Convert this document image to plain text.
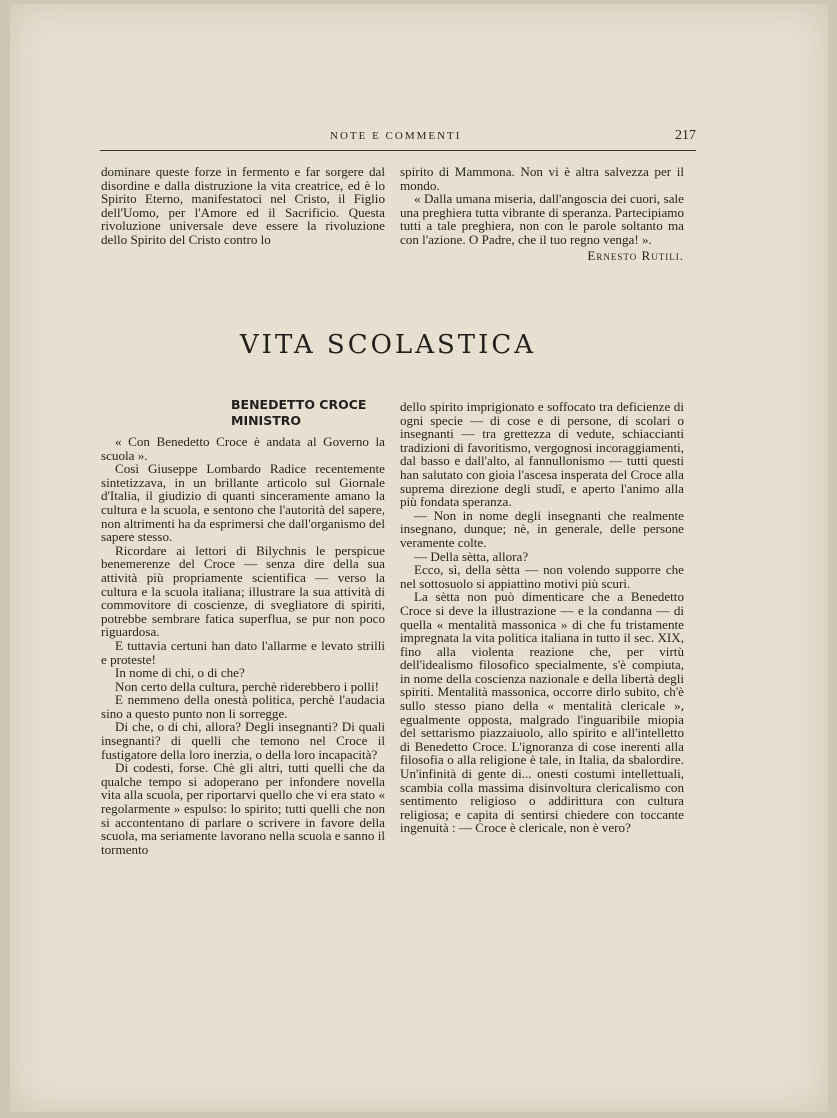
NOTE E COMMENTI	217

dominare queste forze in fermento e far sorgere dal disordine e dalla distruzione la vita creatrice, ed è lo Spirito Eterno, manifestatoci nel Cristo, il Figlio dell'Uomo, per l'Amore ed il Sacrificio. Questa rivoluzione universale deve essere la rivoluzione dello Spirito del Cristo contro lo

spirito di Mammona. Non vi è altra salvezza per il mondo.

« Dalla umana miseria, dall'angoscia dei cuori, sale una preghiera tutta vibrante di speranza. Partecipiamo tutti a tale preghiera, non con le parole soltanto ma con l'azione. O Padre, che il tuo regno venga! ».

Ernesto Rutili.

VITA SCOLASTICA
BENEDETTO CROCE
MINISTRO

« Con Benedetto Croce è andata al Governo la scuola ».

Così Giuseppe Lombardo Radice recentemente sintetizzava, in un brillante articolo sul Giornale d'Italia, il giudizio di quanti sinceramente amano la cultura e la scuola, e sentono che l'autorità del sapere, non altrimenti ha da esprimersi che dall'organismo del sapere stesso.

Ricordare ai lettori di Bilychnis le perspicue benemerenze del Croce — senza dire della sua attività più propriamente scientifica — verso la cultura e la scuola italiana; illustrare la sua attività di commovitore di coscienze, di svegliatore di spiriti, potrebbe sembrare fatica superflua, se pur non poco riguardosa.

E tuttavia certuni han dato l'allarme e levato strilli e proteste!

In nome di chi, o di che?

Non certo della cultura, perchè riderebbero i polli!

E nemmeno della onestà politica, perchè l'audacia sino a questo punto non li sorregge.

Di che, o di chi, allora? Degli insegnanti? Di quali insegnanti? di quelli che temono nel Croce il fustigatore della loro inerzia, o della loro incapacità?

Di codesti, forse. Chè gli altri, tutti quelli che da qualche tempo si adoperano per infondere novella vita alla scuola, per riportarvi quello che vi era stato « regolarmente » espulso: lo spirito; tutti quelli che non si accontentano di parlare o scrivere in favore della scuola, ma seriamente lavorano nella scuola e sanno il tormento

dello spirito imprigionato e soffocato tra deficienze di ogni specie — di cose e di persone, di scolari o insegnanti — tra grettezza di vedute, schiaccianti tradizioni di favoritismo, vergognosi incoraggiamenti, dal basso e dall'alto, al fannullonismo — tutti questi han salutato con gioia l'ascesa insperata del Croce alla suprema direzione degli studî, e aperto l'animo alla più fondata speranza.

— Non in nome degli insegnanti che realmente insegnano, dunque; nè, in generale, delle persone veramente colte.

— Della sètta, allora?

Ecco, sì, della sètta — non volendo supporre che nel sottosuolo si appiattino motivi più scuri.

La sètta non può dimenticare che a Benedetto Croce si deve la illustrazione — e la condanna — di quella « mentalità massonica » di che fu tristamente impregnata la vita politica italiana in tutto il sec. XIX, fino alla violenta reazione che, per virtù dell'idealismo filosofico specialmente, s'è compiuta, in nome della coscienza nazionale e della libertà degli spiriti. Mentalità massonica, occorre dirlo subito, ch'è sullo stesso piano della « mentalità clericale », egualmente opposta, malgrado l'inguaribile miopia del settarismo piazzaiuolo, allo spirito e all'intelletto di Benedetto Croce. L'ignoranza di cose inerenti alla filosofia o alla religione è tale, in Italia, da sbalordire. Un'infinità di gente di... onesti costumi intellettuali, scambia colla massima disinvoltura clericalismo con sentimento religioso o addirittura con cultura religiosa; e capita di sentirsi chiedere con toccante ingenuità : — Croce è clericale, non è vero?
